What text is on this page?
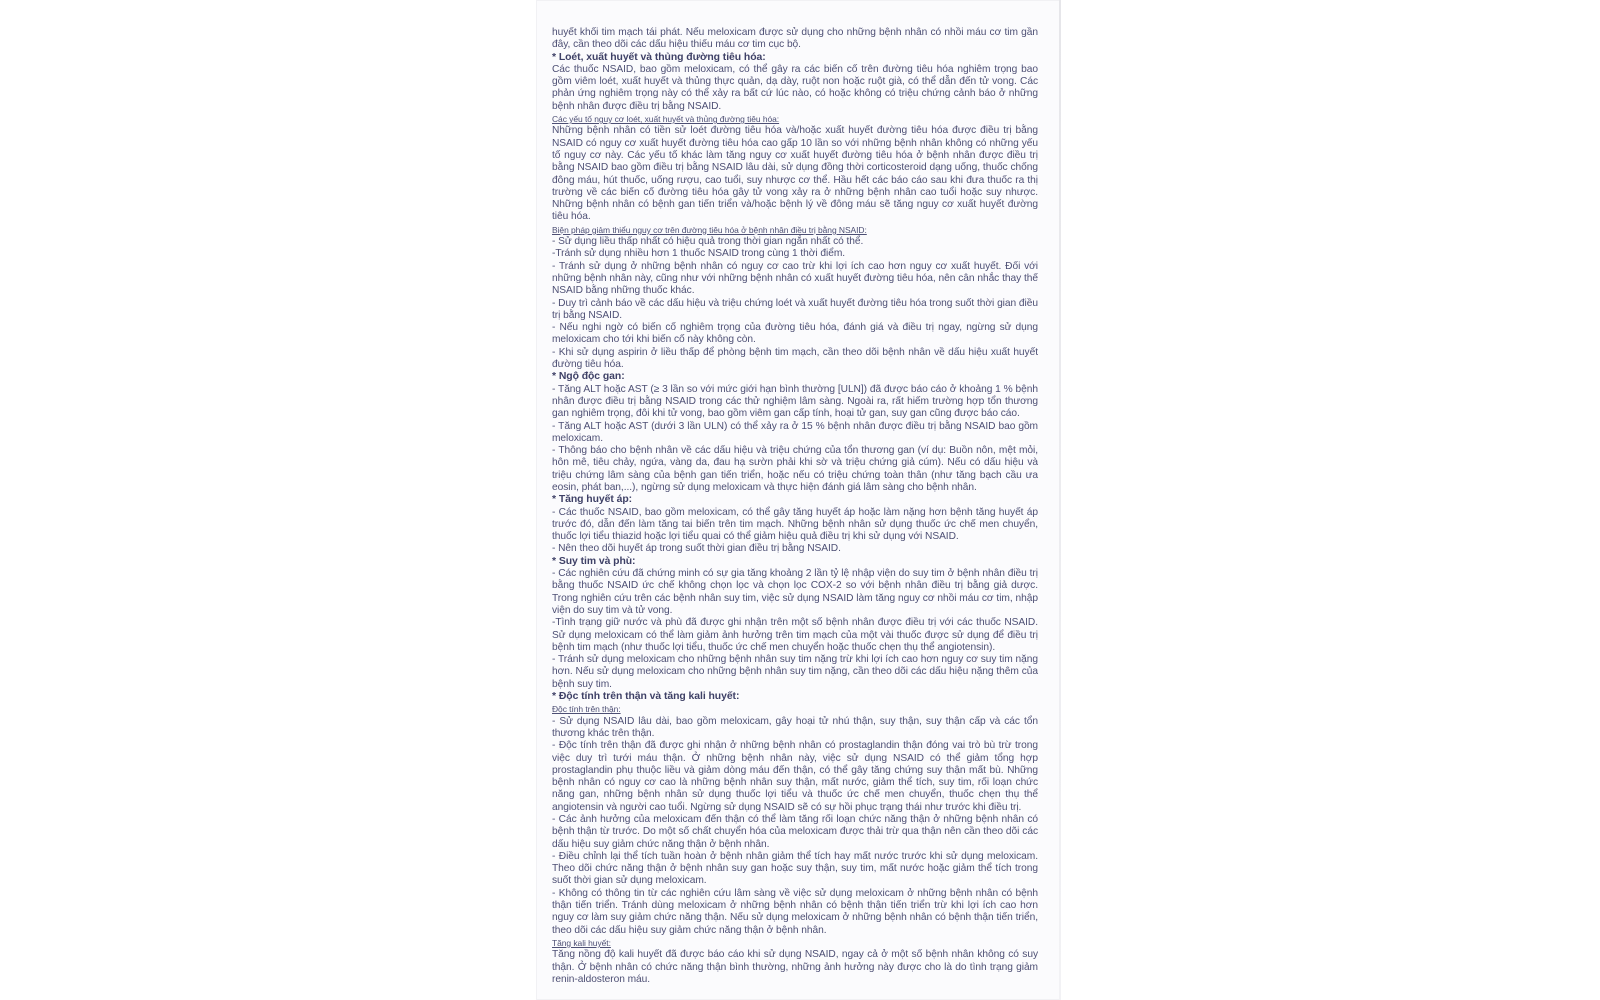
huyết khối tim mạch tái phát. Nếu meloxicam được sử dụng cho những bệnh nhân có nhồi máu cơ tim gần đây, cần theo dõi các dấu hiệu thiếu máu cơ tim cục bộ.

* Loét, xuất huyết và thủng đường tiêu hóa:

Các thuốc NSAID, bao gồm meloxicam, có thể gây ra các biến cố trên đường tiêu hóa nghiêm trọng bao gồm viêm loét, xuất huyết và thủng thực quản, dạ dày, ruột non hoặc ruột già, có thể dẫn đến tử vong. Các phản ứng nghiêm trọng này có thể xảy ra bất cứ lúc nào, có hoặc không có triệu chứng cảnh báo ở những bệnh nhân được điều trị bằng NSAID.

Các yếu tố nguy cơ loét, xuất huyết và thủng đường tiêu hóa:

Những bệnh nhân có tiền sử loét đường tiêu hóa và/hoặc xuất huyết đường tiêu hóa được điều trị bằng NSAID có nguy cơ xuất huyết đường tiêu hóa cao gấp 10 lần so với những bệnh nhân không có những yếu tố nguy cơ này. Các yếu tố khác làm tăng nguy cơ xuất huyết đường tiêu hóa ở bệnh nhân được điều trị bằng NSAID bao gồm điều trị bằng NSAID lâu dài, sử dụng đồng thời corticosteroid dạng uống, thuốc chống đông máu, hút thuốc, uống rượu, cao tuổi, suy nhược cơ thể. Hầu hết các báo cáo sau khi đưa thuốc ra thị trường về các biến cố đường tiêu hóa gây tử vong xảy ra ở những bệnh nhân cao tuổi hoặc suy nhược. Những bệnh nhân có bệnh gan tiến triển và/hoặc bệnh lý về đông máu sẽ tăng nguy cơ xuất huyết đường tiêu hóa.

Biện pháp giảm thiểu nguy cơ trên đường tiêu hóa ở bệnh nhân điều trị bằng NSAID:

- Sử dụng liều thấp nhất có hiệu quả trong thời gian ngắn nhất có thể.

-Tránh sử dụng nhiều hơn 1 thuốc NSAID trong cùng 1 thời điểm.

- Tránh sử dụng ở những bệnh nhân có nguy cơ cao trừ khi lợi ích cao hơn nguy cơ xuất huyết. Đối với những bệnh nhân này, cũng như với những bệnh nhân có xuất huyết đường tiêu hóa, nên cân nhắc thay thế NSAID bằng những thuốc khác.

- Duy trì cảnh báo về các dấu hiệu và triệu chứng loét và xuất huyết đường tiêu hóa trong suốt thời gian điều trị bằng NSAID.

- Nếu nghi ngờ có biến cố nghiêm trọng của đường tiêu hóa, đánh giá và điều trị ngay, ngừng sử dụng meloxicam cho tới khi biến cố này không còn.

- Khi sử dụng aspirin ở liều thấp để phòng bệnh tim mạch, cần theo dõi bệnh nhân về dấu hiệu xuất huyết đường tiêu hóa.

* Ngộ độc gan:

- Tăng ALT hoặc AST (≥ 3 lần so với mức giới hạn bình thường [ULN]) đã được báo cáo ở khoảng 1 % bệnh nhân được điều trị bằng NSAID trong các thử nghiệm lâm sàng. Ngoài ra, rất hiếm trường hợp tổn thương gan nghiêm trọng, đôi khi tử vong, bao gồm viêm gan cấp tính, hoại tử gan, suy gan cũng được báo cáo.

- Tăng ALT hoặc AST (dưới 3 lần ULN) có thể xảy ra ở 15 % bệnh nhân được điều trị bằng NSAID bao gồm meloxicam.

- Thông báo cho bệnh nhân về các dấu hiệu và triệu chứng của tổn thương gan (ví dụ: Buồn nôn, mệt mỏi, hôn mê, tiêu chảy, ngứa, vàng da, đau hạ sườn phải khi sờ và triệu chứng giả cúm). Nếu có dấu hiệu và triệu chứng lâm sàng của bệnh gan tiến triển, hoặc nếu có triệu chứng toàn thân (như tăng bạch cầu ưa eosin, phát ban,...), ngừng sử dụng meloxicam và thực hiện đánh giá lâm sàng cho bệnh nhân.

* Tăng huyết áp:

- Các thuốc NSAID, bao gồm meloxicam, có thể gây tăng huyết áp hoặc làm nặng hơn bệnh tăng huyết áp trước đó, dẫn đến làm tăng tai biến trên tim mạch. Những bệnh nhân sử dụng thuốc ức chế men chuyển, thuốc lợi tiểu thiazid hoặc lợi tiểu quai có thể giảm hiệu quả điều trị khi sử dụng với NSAID.

- Nên theo dõi huyết áp trong suốt thời gian điều trị bằng NSAID.

* Suy tim và phù:

- Các nghiên cứu đã chứng minh có sự gia tăng khoảng 2 lần tỷ lệ nhập viện do suy tim ở bệnh nhân điều trị bằng thuốc NSAID ức chế không chọn lọc và chọn lọc COX-2 so với bệnh nhân điều trị bằng giả dược. Trong nghiên cứu trên các bệnh nhân suy tim, việc sử dụng NSAID làm tăng nguy cơ nhồi máu cơ tim, nhập viện do suy tim và tử vong.

-Tình trạng giữ nước và phù đã được ghi nhận trên một số bệnh nhân được điều trị với các thuốc NSAID. Sử dụng meloxicam có thể làm giảm ảnh hưởng trên tim mạch của một vài thuốc được sử dụng để điều trị bệnh tim mạch (như thuốc lợi tiểu, thuốc ức chế men chuyển hoặc thuốc chẹn thụ thể angiotensin).

- Tránh sử dụng meloxicam cho những bệnh nhân suy tim nặng trừ khi lợi ích cao hơn nguy cơ suy tim nặng hơn. Nếu sử dụng meloxicam cho những bệnh nhân suy tim nặng, cần theo dõi các dấu hiệu nặng thêm của bệnh suy tim.

* Độc tính trên thận và tăng kali huyết:
Độc tính trên thận:

- Sử dụng NSAID lâu dài, bao gồm meloxicam, gây hoại tử nhú thận, suy thận, suy thận cấp và các tổn thương khác trên thận.

- Độc tính trên thận đã được ghi nhận ở những bệnh nhân có prostaglandin thận đóng vai trò bù trừ trong việc duy trì tưới máu thận. Ở những bệnh nhân này, việc sử dụng NSAID có thể giảm tổng hợp prostaglandin phụ thuộc liều và giảm dòng máu đến thận, có thể gây tăng chứng suy thận mất bù. Những bệnh nhân có nguy cơ cao là những bệnh nhân suy thận, mất nước, giảm thể tích, suy tim, rối loạn chức năng gan, những bệnh nhân sử dụng thuốc lợi tiểu và thuốc ức chế men chuyển, thuốc chẹn thụ thể angiotensin và người cao tuổi. Ngừng sử dụng NSAID sẽ có sự hồi phục trạng thái như trước khi điều trị.

- Các ảnh hưởng của meloxicam đến thận có thể làm tăng rối loạn chức năng thận ở những bệnh nhân có bệnh thận từ trước. Do một số chất chuyển hóa của meloxicam được thải trừ qua thận nên cần theo dõi các dấu hiệu suy giảm chức năng thận ở bệnh nhân.

- Điều chỉnh lại thể tích tuần hoàn ở bệnh nhân giảm thể tích hay mất nước trước khi sử dụng meloxicam. Theo dõi chức năng thận ở bệnh nhân suy gan hoặc suy thận, suy tim, mất nước hoặc giảm thể tích trong suốt thời gian sử dụng meloxicam.

- Không có thông tin từ các nghiên cứu lâm sàng về việc sử dụng meloxicam ở những bệnh nhân có bệnh thận tiến triển. Tránh dùng meloxicam ở những bệnh nhân có bệnh thận tiến triển trừ khi lợi ích cao hơn nguy cơ làm suy giảm chức năng thận. Nếu sử dụng meloxicam ở những bệnh nhân có bệnh thận tiến triển, theo dõi các dấu hiệu suy giảm chức năng thận ở bệnh nhân.

Tăng kali huyết:

Tăng nồng độ kali huyết đã được báo cáo khi sử dụng NSAID, ngay cả ở một số bệnh nhân không có suy thận. Ở bệnh nhân có chức năng thận bình thường, những ảnh hưởng này được cho là do tình trạng giảm renin-aldosteron máu.
